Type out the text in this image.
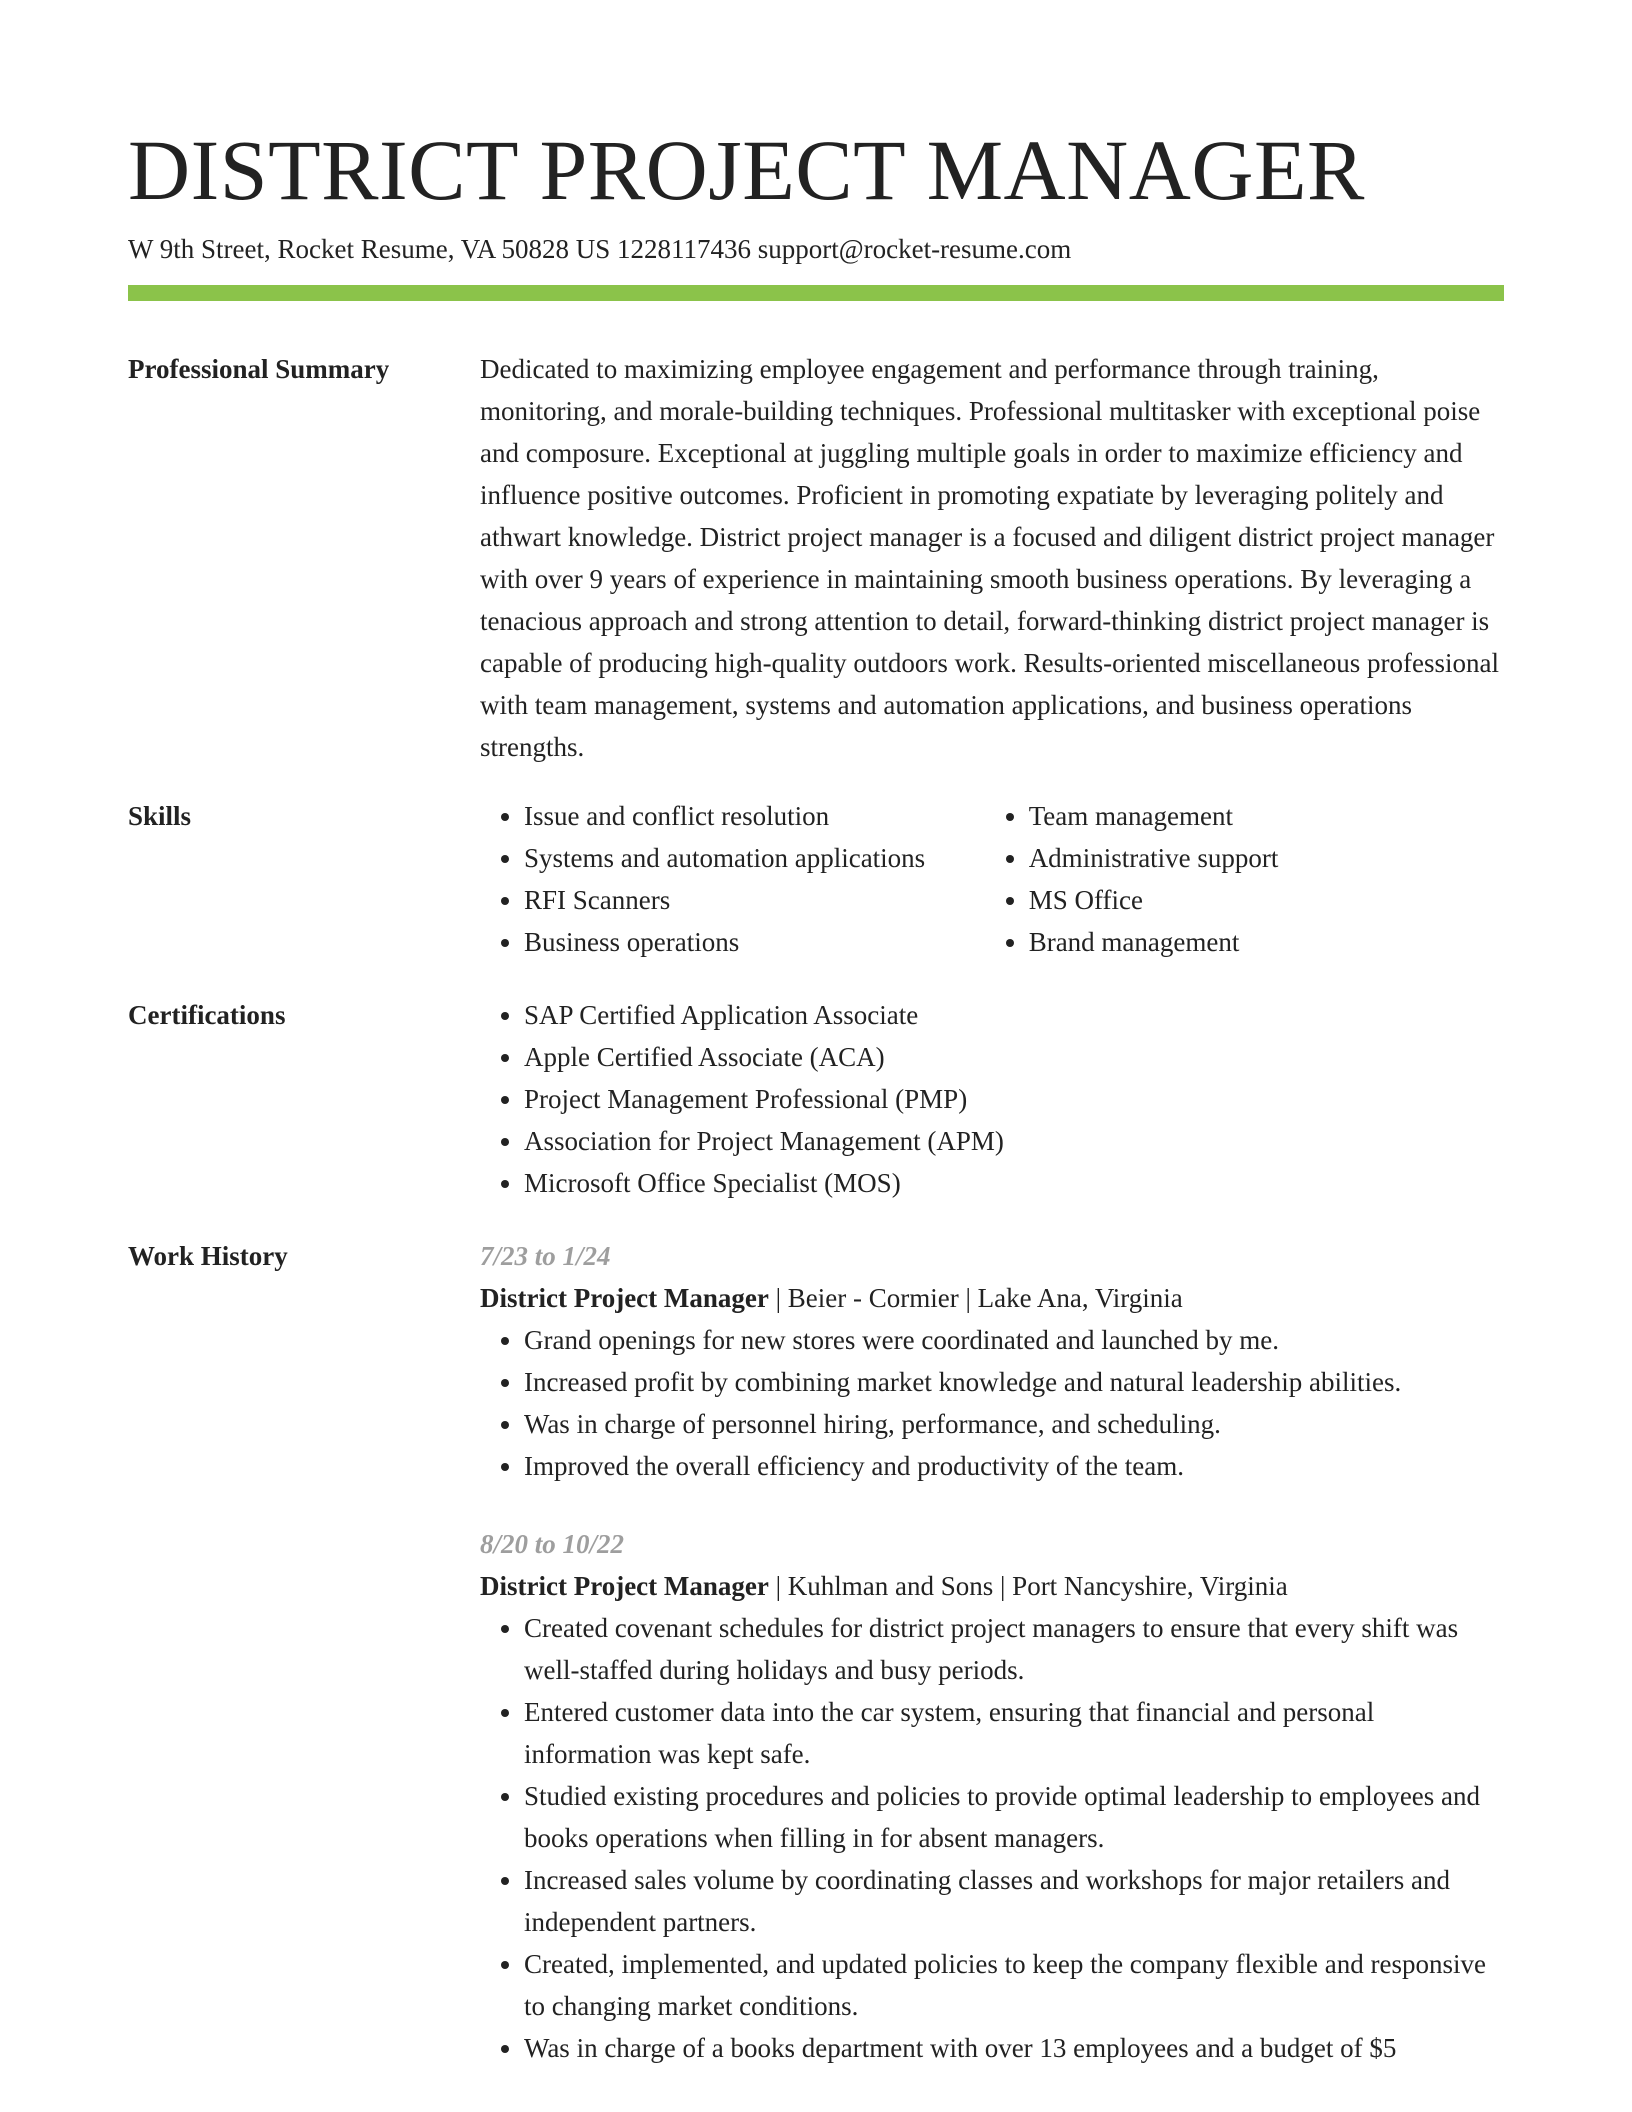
DISTRICT PROJECT MANAGER
W 9th Street, Rocket Resume, VA 50828 US 1228117436 support@rocket-resume.com
Professional Summary	Dedicated to maximizing employee engagement and performance through training, monitoring, and morale-building techniques. Professional multitasker with exceptional poise and composure. Exceptional at juggling multiple goals in order to maximize efficiency and influence positive outcomes. Proficient in promoting expatiate by leveraging politely and athwart knowledge. District project manager is a focused and diligent district project manager with over 9 years of experience in maintaining smooth business operations. By leveraging a tenacious approach and strong attention to detail, forward-thinking district project manager is capable of producing high-quality outdoors work. Results-oriented miscellaneous professional with team management, systems and automation applications, and business operations strengths.

Skills	• Issue and conflict resolution
• Systems and automation applications
• RFI Scanners
• Business operations
• Team management
• Administrative support
• MS Office
• Brand management
Certifications	• SAP Certified Application Associate
• Apple Certified Associate (ACA)
• Project Management Professional (PMP)
• Association for Project Management (APM)
• Microsoft Office Specialist (MOS)
Work History	7/23 to 1/24
District Project Manager | Beier - Cormier | Lake Ana, Virginia
• Grand openings for new stores were coordinated and launched by me.
• Increased profit by combining market knowledge and natural leadership abilities.
• Was in charge of personnel hiring, performance, and scheduling.
• Improved the overall efficiency and productivity of the team.
8/20 to 10/22
District Project Manager | Kuhlman and Sons | Port Nancyshire, Virginia
• Created covenant schedules for district project managers to ensure that every shift was well-staffed during holidays and busy periods.
• Entered customer data into the car system, ensuring that financial and personal information was kept safe.
• Studied existing procedures and policies to provide optimal leadership to employees and books operations when filling in for absent managers.
• Increased sales volume by coordinating classes and workshops for major retailers and independent partners.
• Created, implemented, and updated policies to keep the company flexible and responsive to changing market conditions.
• Was in charge of a books department with over 13 employees and a budget of $5
